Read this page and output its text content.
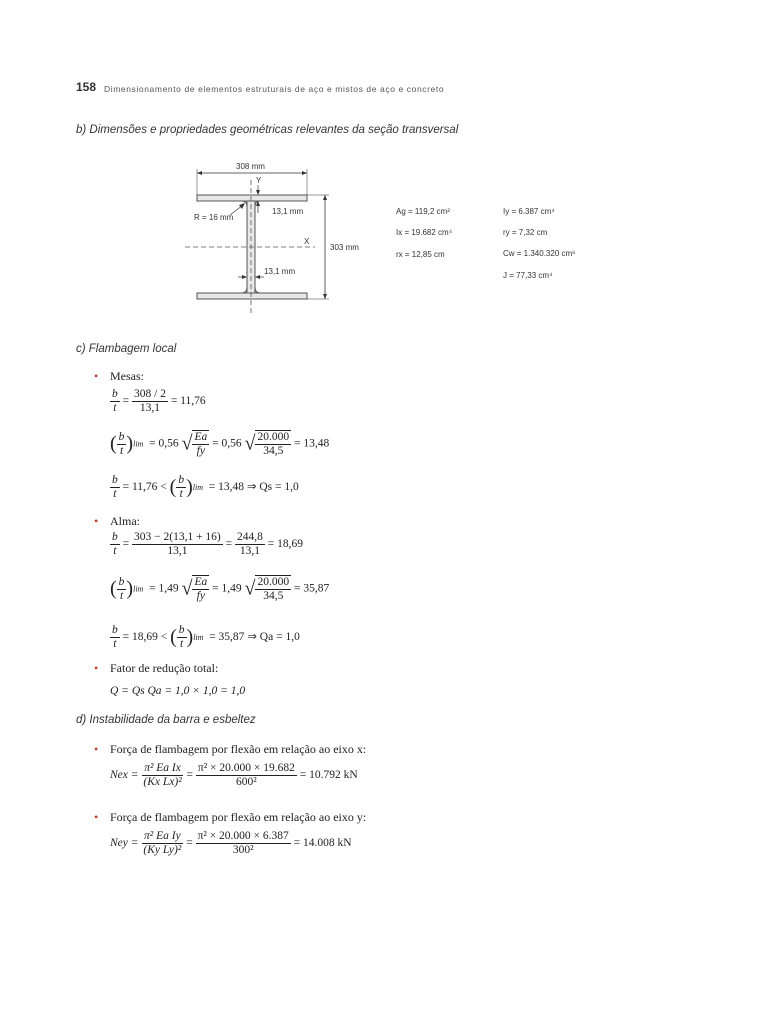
158 Dimensionamento de elementos estruturais de aço e mistos de aço e concreto
b) Dimensões e propriedades geométricas relevantes da seção transversal
308 mm
Y
R = 16 mm
13,1 mm
X
303 mm
13,1 mm
Ag = 119,2 cm²
Ix = 19.682 cm⁴
rx = 12,85 cm
Iy = 6.387 cm⁴
ry = 7,32 cm
Cw = 1.340.320 cm⁶
J = 77,33 cm⁴
c) Flambagem local
• Mesas:
$\frac{b}{t} = \frac{308 / 2}{13,1} = 11,76$
( $\frac{b}{t} )\lim = 0,56$ √ $\frac{Ea}{fy} = 0,56$ √ $\frac{20.000}{34,5} = 13,48$
$\frac{b}{t} = 11,76$ < ( $\frac{b}{t} )\lim = 13,48$ ⇒ Qs = 1,0
• Alma:
$\frac{b}{t} = \frac{303 - 2(13,1 + 16)}{13,1} = \frac{244,8}{13,1} = 18,69$
( $\frac{b}{t} )\lim = 1,49$ √ $\frac{Ea}{fy} = 1,49$ √ $\frac{20.000}{34,5} = 35,87$
$\frac{b}{t} = 18,69$ < ( $\frac{b}{t} )\lim = 35,87$ ⇒ Qa = 1,0
• Fator de redução total:
Q = Qs Qa = 1,0 × 1,0 = 1,0
d) Instabilidade da barra e esbeltez
• Força de flambagem por flexão em relação ao eixo x:
Nex = $\frac{\text{π² Ea Ix}}{\text{(Kx Lx)²}} = \frac{\text{π² × 20.000 × 19.682}}{\text{600²}} = 10.792$ kN
• Força de flambagem por flexão em relação ao eixo y:
Ney = $\frac{\text{π² Ea Iy}}{\text{(Ky Ly)²}} = \frac{\text{π² × 20.000 × 6.387}}{\text{300²}} = 14.008$ kN
